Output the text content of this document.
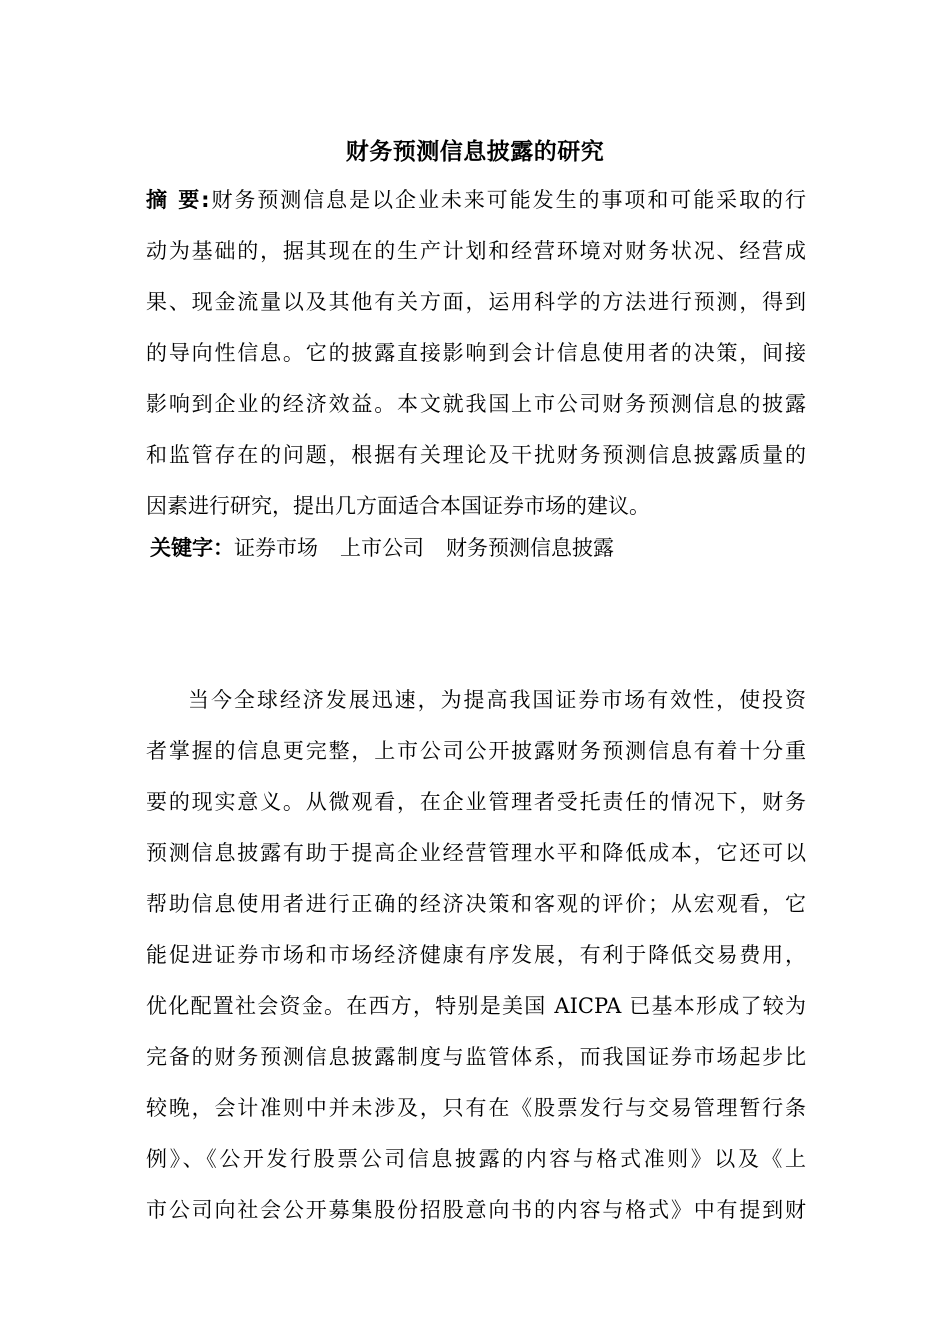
财务预测信息披露的研究
摘 要:财务预测信息是以企业未来可能发生的事项和可能采取的行
动为基础的，据其现在的生产计划和经营环境对财务状况、经营成
果、现金流量以及其他有关方面，运用科学的方法进行预测，得到
的导向性信息。它的披露直接影响到会计信息使用者的决策，间接
影响到企业的经济效益。本文就我国上市公司财务预测信息的披露
和监管存在的问题，根据有关理论及干扰财务预测信息披露质量的
因素进行研究，提出几方面适合本国证券市场的建议。
关键字：证券市场 上市公司 财务预测信息披露
当今全球经济发展迅速，为提高我国证券市场有效性，使投资
者掌握的信息更完整，上市公司公开披露财务预测信息有着十分重
要的现实意义。从微观看，在企业管理者受托责任的情况下，财务
预测信息披露有助于提高企业经营管理水平和降低成本，它还可以
帮助信息使用者进行正确的经济决策和客观的评价；从宏观看，它
能促进证券市场和市场经济健康有序发展，有利于降低交易费用，
优化配置社会资金。在西方，特别是美国 AICPA 已基本形成了较为
完备的财务预测信息披露制度与监管体系，而我国证券市场起步比
较晚，会计准则中并未涉及，只有在《股票发行与交易管理暂行条
例》、《公开发行股票公司信息披露的内容与格式准则》以及《上
市公司向社会公开募集股份招股意向书的内容与格式》中有提到财
